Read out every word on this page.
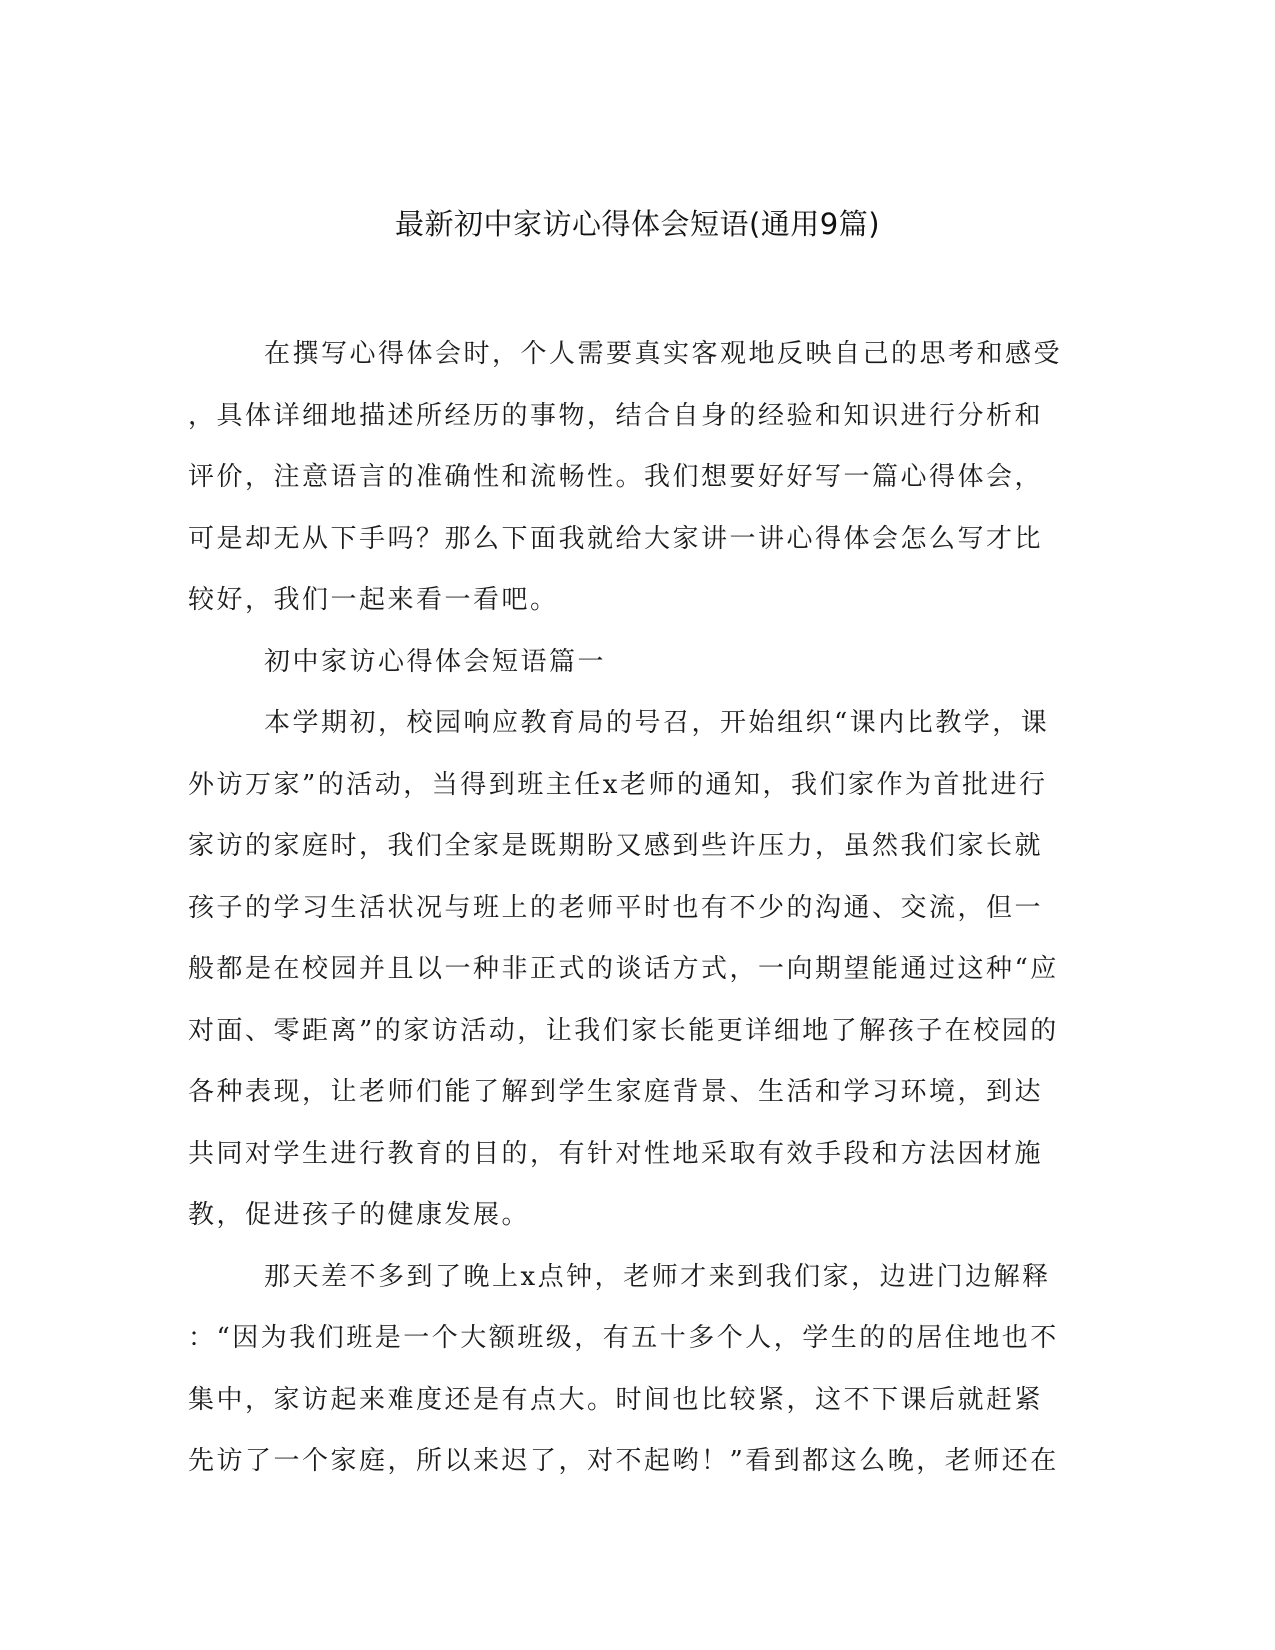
最新初中家访心得体会短语(通用9篇)
在撰写心得体会时，个人需要真实客观地反映自己的思考和感受
，具体详细地描述所经历的事物，结合自身的经验和知识进行分析和
评价，注意语言的准确性和流畅性。我们想要好好写一篇心得体会，
可是却无从下手吗？那么下面我就给大家讲一讲心得体会怎么写才比
较好，我们一起来看一看吧。
初中家访心得体会短语篇一
本学期初，校园响应教育局的号召，开始组织“课内比教学，课
外访万家”的活动，当得到班主任x老师的通知，我们家作为首批进行
家访的家庭时，我们全家是既期盼又感到些许压力，虽然我们家长就
孩子的学习生活状况与班上的老师平时也有不少的沟通、交流，但一
般都是在校园并且以一种非正式的谈话方式，一向期望能通过这种“应
对面、零距离”的家访活动，让我们家长能更详细地了解孩子在校园的
各种表现，让老师们能了解到学生家庭背景、生活和学习环境，到达
共同对学生进行教育的目的，有针对性地采取有效手段和方法因材施
教，促进孩子的健康发展。
那天差不多到了晚上x点钟，老师才来到我们家，边进门边解释
：“因为我们班是一个大额班级，有五十多个人，学生的的居住地也不
集中，家访起来难度还是有点大。时间也比较紧，这不下课后就赶紧
先访了一个家庭，所以来迟了，对不起哟！”看到都这么晚，老师还在
